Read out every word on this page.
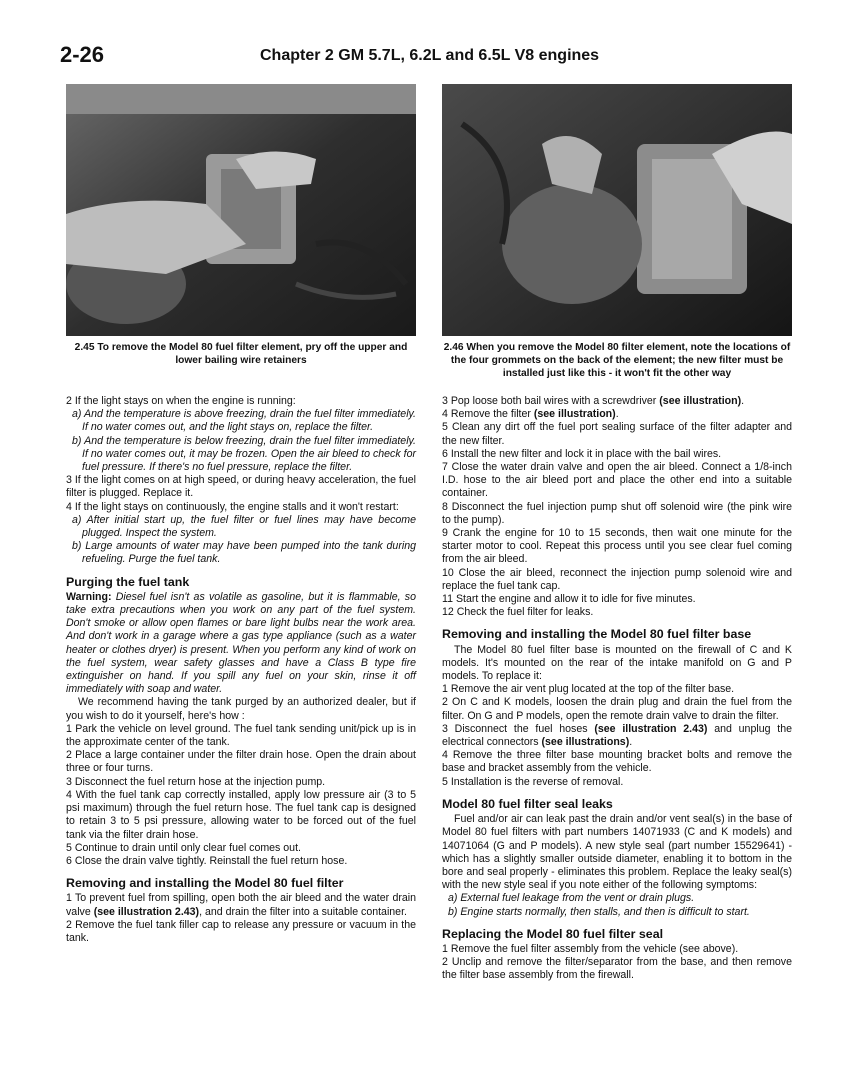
2-26	Chapter 2 GM 5.7L, 6.2L and 6.5L V8 engines
2.45 To remove the Model 80 fuel filter element, pry off the upper and lower bailing wire retainers
2.46 When you remove the Model 80 filter element, note the locations of the four grommets on the back of the element; the new filter must be installed just like this - it won't fit the other way

2 If the light stays on when the engine is running:

a) And the temperature is above freezing, drain the fuel filter immediately. If no water comes out, and the light stays on, replace the filter.

b) And the temperature is below freezing, drain the fuel filter immediately. If no water comes out, it may be frozen. Open the air bleed to check for fuel pressure. If there's no fuel pressure, replace the filter.

3 If the light comes on at high speed, or during heavy acceleration, the fuel filter is plugged. Replace it.

4 If the light stays on continuously, the engine stalls and it won't restart:

a) After initial start up, the fuel filter or fuel lines may have become plugged. Inspect the system.

b) Large amounts of water may have been pumped into the tank during refueling. Purge the fuel tank.

Purging the fuel tank

Warning: Diesel fuel isn't as volatile as gasoline, but it is flammable, so take extra precautions when you work on any part of the fuel system. Don't smoke or allow open flames or bare light bulbs near the work area. And don't work in a garage where a gas type appliance (such as a water heater or clothes dryer) is present. When you perform any kind of work on the fuel system, wear safety glasses and have a Class B type fire extinguisher on hand. If you spill any fuel on your skin, rinse it off immediately with soap and water.

We recommend having the tank purged by an authorized dealer, but if you wish to do it yourself, here's how :

1 Park the vehicle on level ground. The fuel tank sending unit/pick up is in the approximate center of the tank.

2 Place a large container under the filter drain hose. Open the drain about three or four turns.

3 Disconnect the fuel return hose at the injection pump.

4 With the fuel tank cap correctly installed, apply low pressure air (3 to 5 psi maximum) through the fuel return hose. The fuel tank cap is designed to retain 3 to 5 psi pressure, allowing water to be forced out of the fuel tank via the filter drain hose.

5 Continue to drain until only clear fuel comes out.

6 Close the drain valve tightly. Reinstall the fuel return hose.

Removing and installing the Model 80 fuel filter

1 To prevent fuel from spilling, open both the air bleed and the water drain valve (see illustration 2.43), and drain the filter into a suitable container.

2 Remove the fuel tank filler cap to release any pressure or vacuum in the tank.

3 Pop loose both bail wires with a screwdriver (see illustration).

4 Remove the filter (see illustration).

5 Clean any dirt off the fuel port sealing surface of the filter adapter and the new filter.

6 Install the new filter and lock it in place with the bail wires.

7 Close the water drain valve and open the air bleed. Connect a 1/8-inch I.D. hose to the air bleed port and place the other end into a suitable container.

8 Disconnect the fuel injection pump shut off solenoid wire (the pink wire to the pump).

9 Crank the engine for 10 to 15 seconds, then wait one minute for the starter motor to cool. Repeat this process until you see clear fuel coming from the air bleed.

10 Close the air bleed, reconnect the injection pump solenoid wire and replace the fuel tank cap.

11 Start the engine and allow it to idle for five minutes.

12 Check the fuel filter for leaks.

Removing and installing the Model 80 fuel filter base

The Model 80 fuel filter base is mounted on the firewall of C and K models. It's mounted on the rear of the intake manifold on G and P models. To replace it:

1 Remove the air vent plug located at the top of the filter base.

2 On C and K models, loosen the drain plug and drain the fuel from the filter. On G and P models, open the remote drain valve to drain the filter.

3 Disconnect the fuel hoses (see illustration 2.43) and unplug the electrical connectors (see illustrations).

4 Remove the three filter base mounting bracket bolts and remove the base and bracket assembly from the vehicle.

5 Installation is the reverse of removal.

Model 80 fuel filter seal leaks

Fuel and/or air can leak past the drain and/or vent seal(s) in the base of Model 80 fuel filters with part numbers 14071933 (C and K models) and 14071064 (G and P models). A new style seal (part number 15529641) - which has a slightly smaller outside diameter, enabling it to bottom in the bore and seal properly - eliminates this problem. Replace the leaky seal(s) with the new style seal if you note either of the following symptoms:

a) External fuel leakage from the vent or drain plugs.

b) Engine starts normally, then stalls, and then is difficult to start.

Replacing the Model 80 fuel filter seal

1 Remove the fuel filter assembly from the vehicle (see above).

2 Unclip and remove the filter/separator from the base, and then remove the filter base assembly from the firewall.
